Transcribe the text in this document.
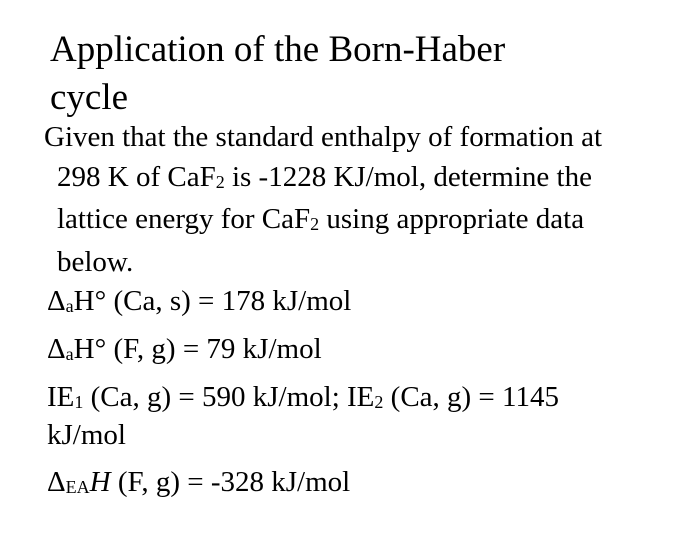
Application of the Born-Haber
cycle
Given that the standard enthalpy of formation at
298 K of CaF2 is -1228 KJ/mol, determine the
lattice energy for CaF2 using appropriate data
below.
ΔaH° (Ca, s) = 178 kJ/mol
ΔaH° (F, g) = 79 kJ/mol
IE1 (Ca, g) = 590 kJ/mol; IE2 (Ca, g) = 1145
kJ/mol
ΔEAH (F, g) = -328 kJ/mol
